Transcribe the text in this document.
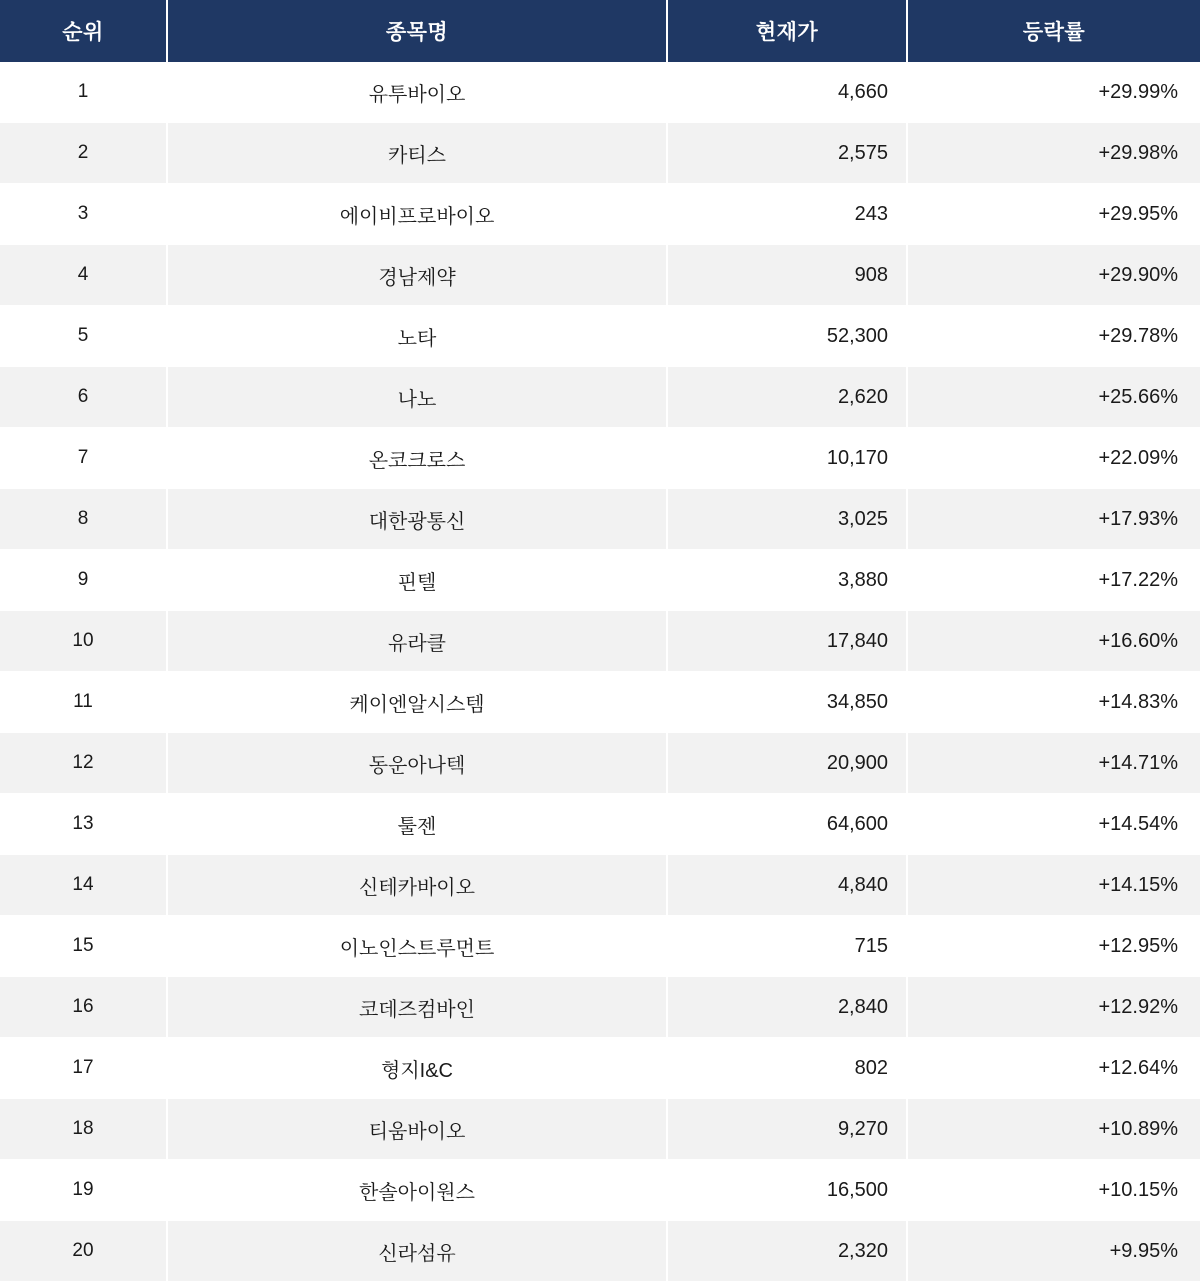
순위	종목명	현재가	등락률
1	유투바이오	4,660	+29.99%
2	카티스	2,575	+29.98%
3	에이비프로바이오	243	+29.95%
4	경남제약	908	+29.90%
5	노타	52,300	+29.78%
6	나노	2,620	+25.66%
7	온코크로스	10,170	+22.09%
8	대한광통신	3,025	+17.93%
9	핀텔	3,880	+17.22%
10	유라클	17,840	+16.60%
11	케이엔알시스템	34,850	+14.83%
12	동운아나텍	20,900	+14.71%
13	툴젠	64,600	+14.54%
14	신테카바이오	4,840	+14.15%
15	이노인스트루먼트	715	+12.95%
16	코데즈컴바인	2,840	+12.92%
17	형지I&C	802	+12.64%
18	티움바이오	9,270	+10.89%
19	한솔아이원스	16,500	+10.15%
20	신라섬유	2,320	+9.95%
